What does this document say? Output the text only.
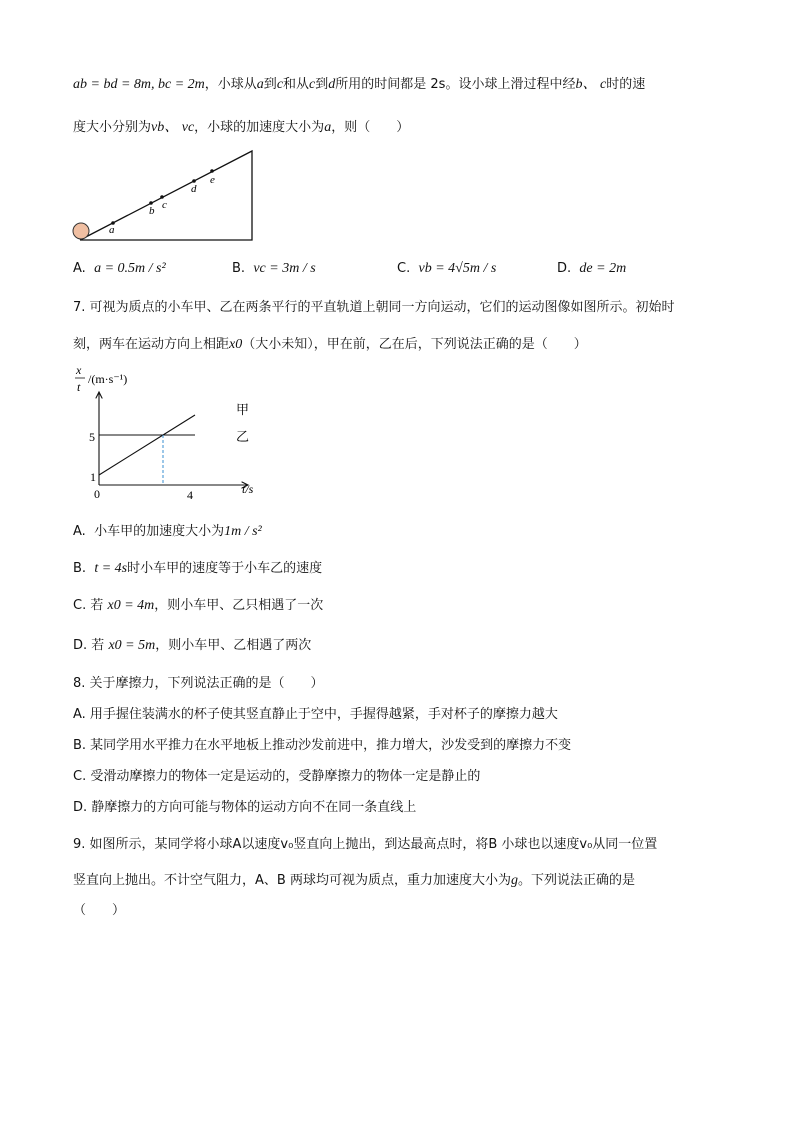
ab = bd = 8m, bc = 2m，小球从a到c和从c到d所用的时间都是 2s。设小球上滑过程中经b、 c时的速
度大小分别为vb、 vc，小球的加速度大小为a，则（　　）
a
b c
d
e
A. a = 0.5m / s²	B. vc = 3m / s	C. vb = 4√5m / s	D. de = 2m
7. 可视为质点的小车甲、乙在两条平行的平直轨道上朝同一方向运动，它们的运动图像如图所示。初始时
刻，两车在运动方向上相距x0（大小未知），甲在前，乙在后，下列说法正确的是（　　）
x
t
/(m·s⁻¹)
5
1
0	4	t/s
甲
乙
A. 小车甲的加速度大小为1m / s²
B. t = 4s时小车甲的速度等于小车乙的速度
C. 若 x0 = 4m，则小车甲、乙只相遇了一次
D. 若 x0 = 5m，则小车甲、乙相遇了两次
8. 关于摩擦力，下列说法正确的是（　　）
A. 用手握住装满水的杯子使其竖直静止于空中，手握得越紧，手对杯子的摩擦力越大
B. 某同学用水平推力在水平地板上推动沙发前进中，推力增大，沙发受到的摩擦力不变
C. 受滑动摩擦力的物体一定是运动的，受静摩擦力的物体一定是静止的
D. 静摩擦力的方向可能与物体的运动方向不在同一条直线上
9. 如图所示，某同学将小球A以速度v₀竖直向上抛出，到达最高点时，将B 小球也以速度v₀从同一位置
竖直向上抛出。不计空气阻力，A、B 两球均可视为质点，重力加速度大小为g。下列说法正确的是
（　　）
